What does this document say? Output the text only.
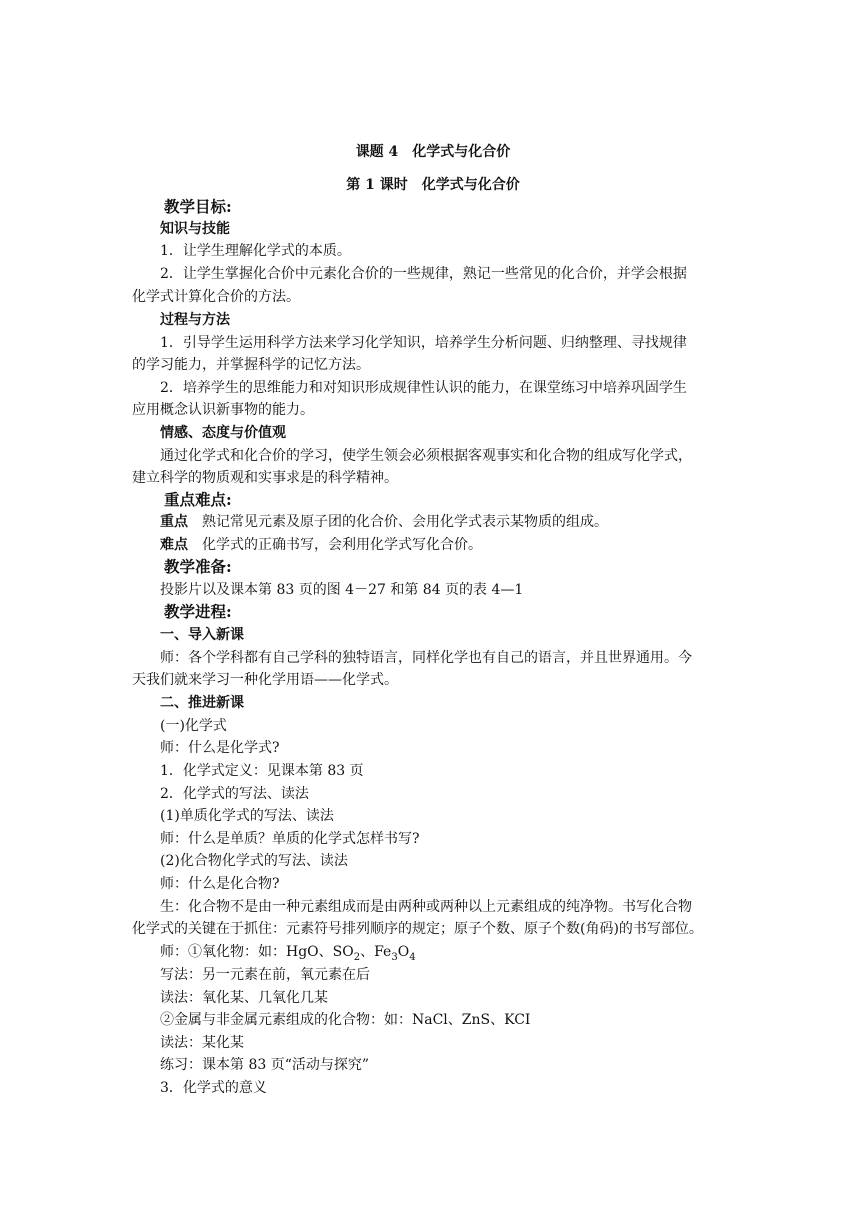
课题 4　化学式与化合价
第 1 课时　化学式与化合价
教学目标:
知识与技能
1．让学生理解化学式的本质。
2．让学生掌握化合价中元素化合价的一些规律，熟记一些常见的化合价，并学会根据
化学式计算化合价的方法。
过程与方法
1．引导学生运用科学方法来学习化学知识，培养学生分析问题、归纳整理、寻找规律
的学习能力，并掌握科学的记忆方法。
2．培养学生的思维能力和对知识形成规律性认识的能力，在课堂练习中培养巩固学生
应用概念认识新事物的能力。
情感、态度与价值观
通过化学式和化合价的学习，使学生领会必须根据客观事实和化合物的组成写化学式，
建立科学的物质观和实事求是的科学精神。
重点难点:
重点 熟记常见元素及原子团的化合价、会用化学式表示某物质的组成。
难点 化学式的正确书写，会利用化学式写化合价。
教学准备:
投影片以及课本第 83 页的图 4－27 和第 84 页的表 4—1
教学进程:
一、导入新课
师：各个学科都有自己学科的独特语言，同样化学也有自己的语言，并且世界通用。今
天我们就来学习一种化学用语——化学式。
二、推进新课
(一)化学式
师：什么是化学式?
1．化学式定义：见课本第 83 页
2．化学式的写法、读法
(1)单质化学式的写法、读法
师：什么是单质？单质的化学式怎样书写?
(2)化合物化学式的写法、读法
师：什么是化合物?
生：化合物不是由一种元素组成而是由两种或两种以上元素组成的纯净物。书写化合物
化学式的关键在于抓住：元素符号排列顺序的规定；原子个数、原子个数(角码)的书写部位。
师：①氧化物：如：HgO、$SO_2$、$Fe_3O_4$
写法：另一元素在前，氧元素在后
读法：氧化某、几氧化几某
②金属与非金属元素组成的化合物：如：NaCl、ZnS、KCI
读法：某化某
练习：课本第 83 页“活动与探究”
3．化学式的意义
